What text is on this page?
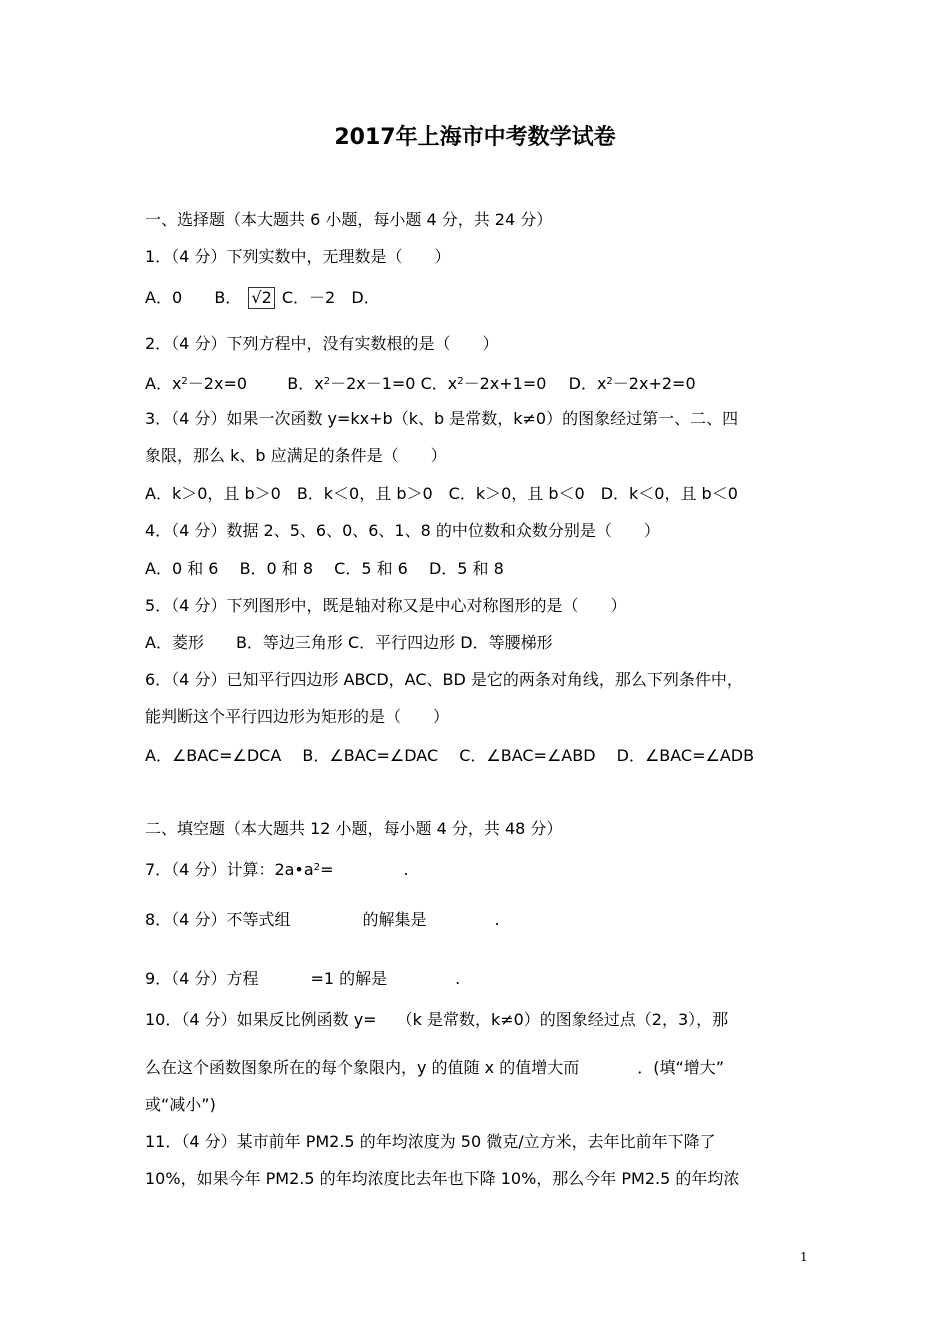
2017年上海市中考数学试卷
一、选择题（本大题共 6 小题，每小题 4 分，共 24 分）
1．（4 分）下列实数中，无理数是（　　）
A．0 B． √2 C．－2 D．
2．（4 分）下列方程中，没有实数根的是（　　）
A．$x^2-2x=0$	B．$x^2-2x-1=0$ C．$x^2-2x+1=0$ D．$x^2-2x+2=0$
3．（4 分）如果一次函数 y=kx+b（k、b 是常数，k≠0）的图象经过第一、二、四
象限，那么 k、b 应满足的条件是（　　）
A．k＞0，且 b＞0　B．k＜0，且 b＞0　C．k＞0，且 b＜0　D．k＜0，且 b＜0
4．（4 分）数据 2、5、6、0、6、1、8 的中位数和众数分别是（　　）
A．0 和 6　 B．0 和 8　 C．5 和 6　 D．5 和 8
5．（4 分）下列图形中，既是轴对称又是中心对称图形的是（　　）
A．菱形　　B．等边三角形 C．平行四边形 D．等腰梯形
6．（4 分）已知平行四边形 ABCD，AC、BD 是它的两条对角线，那么下列条件中，
能判断这个平行四边形为矩形的是（　　）
A．∠BAC=∠DCA　 B．∠BAC=∠DAC　 C．∠BAC=∠ABD　 D．∠BAC=∠ADB
二、填空题（本大题共 12 小题，每小题 4 分，共 48 分）
7．（4 分）计算：$2a•a^2=$	.
8．（4 分）不等式组	的解集是	.
9．（4 分）方程	=1 的解是	.
10．（4 分）如果反比例函数 y= （k 是常数，k≠0）的图象经过点（2，3），那
么在这个函数图象所在的每个象限内，y 的值随 x 的值增大而	．(填“增大”
或“减小”)
11．（4 分）某市前年 PM2.5 的年均浓度为 50 微克/立方米，去年比前年下降了
10%，如果今年 PM2.5 的年均浓度比去年也下降 10%，那么今年 PM2.5 的年均浓
1
